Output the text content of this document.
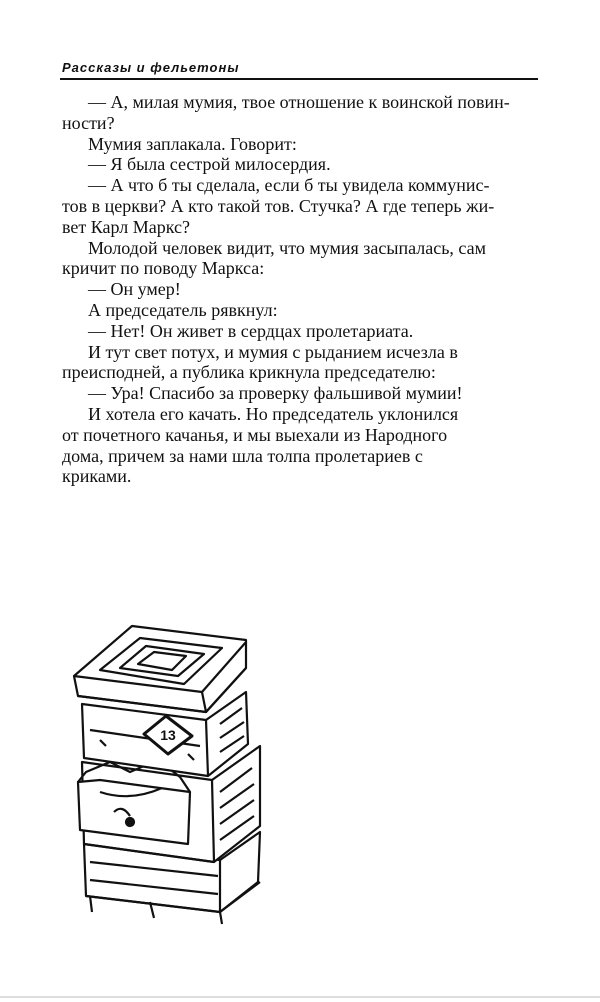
Рассказы и фельетоны
— А, милая мумия, твое отношение к воинской повин-
ности?
Мумия заплакала. Говорит:
— Я была сестрой милосердия.
— А что б ты сделала, если б ты увидела коммунис-
тов в церкви? А кто такой тов. Стучка? А где теперь жи-
вет Карл Маркс?
Молодой человек видит, что мумия засыпалась, сам
кричит по поводу Маркса:
— Он умер!
А председатель рявкнул:
— Нет! Он живет в сердцах пролетариата.
И тут свет потух, и мумия с рыданием исчезла в
преисподней, а публика крикнула председателю:
— Ура! Спасибо за проверку фальшивой мумии!
И хотела его качать. Но председатель уклонился
от почетного качанья, и мы выехали из Народного
дома, причем за нами шла толпа пролетариев с
криками.
13
